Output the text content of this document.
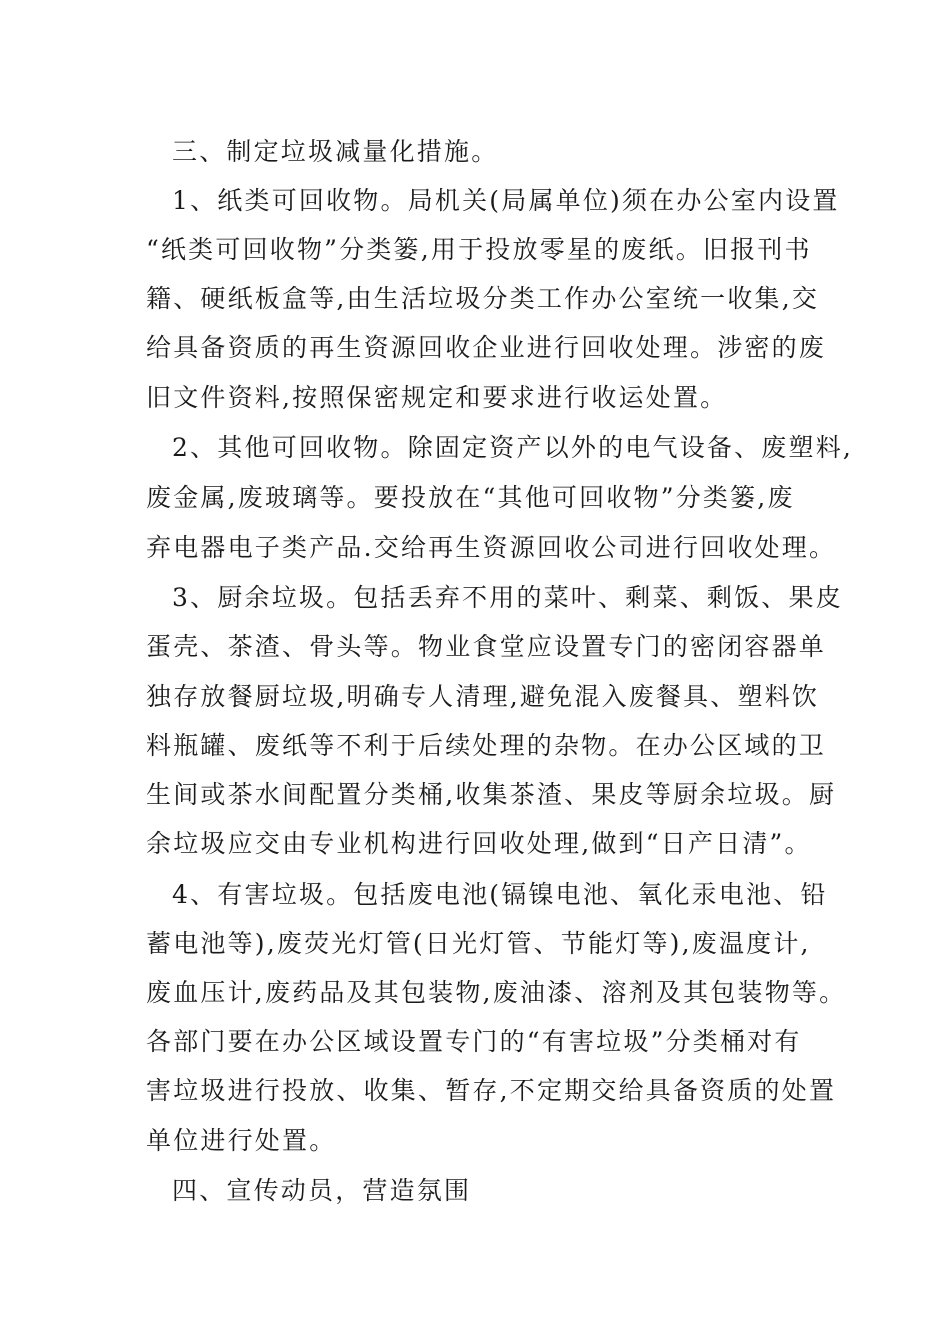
三、制定垃圾减量化措施。
1、纸类可回收物。局机关(局属单位)须在办公室内设置
“纸类可回收物”分类篓,用于投放零星的废纸。旧报刊书
籍、硬纸板盒等,由生活垃圾分类工作办公室统一收集,交
给具备资质的再生资源回收企业进行回收处理。涉密的废
旧文件资料,按照保密规定和要求进行收运处置。
2、其他可回收物。除固定资产以外的电气设备、废塑料,
废金属,废玻璃等。要投放在“其他可回收物”分类篓,废
弃电器电子类产品.交给再生资源回收公司进行回收处理。
3、厨余垃圾。包括丢弃不用的菜叶、剩菜、剩饭、果皮
蛋壳、茶渣、骨头等。物业食堂应设置专门的密闭容器单
独存放餐厨垃圾,明确专人清理,避免混入废餐具、塑料饮
料瓶罐、废纸等不利于后续处理的杂物。在办公区域的卫
生间或茶水间配置分类桶,收集茶渣、果皮等厨余垃圾。厨
余垃圾应交由专业机构进行回收处理,做到“日产日清”。
4、有害垃圾。包括废电池(镉镍电池、氧化汞电池、铅
蓄电池等),废荧光灯管(日光灯管、节能灯等),废温度计,
废血压计,废药品及其包装物,废油漆、溶剂及其包装物等。
各部门要在办公区域设置专门的“有害垃圾”分类桶对有
害垃圾进行投放、收集、暂存,不定期交给具备资质的处置
单位进行处置。
四、宣传动员，营造氛围
